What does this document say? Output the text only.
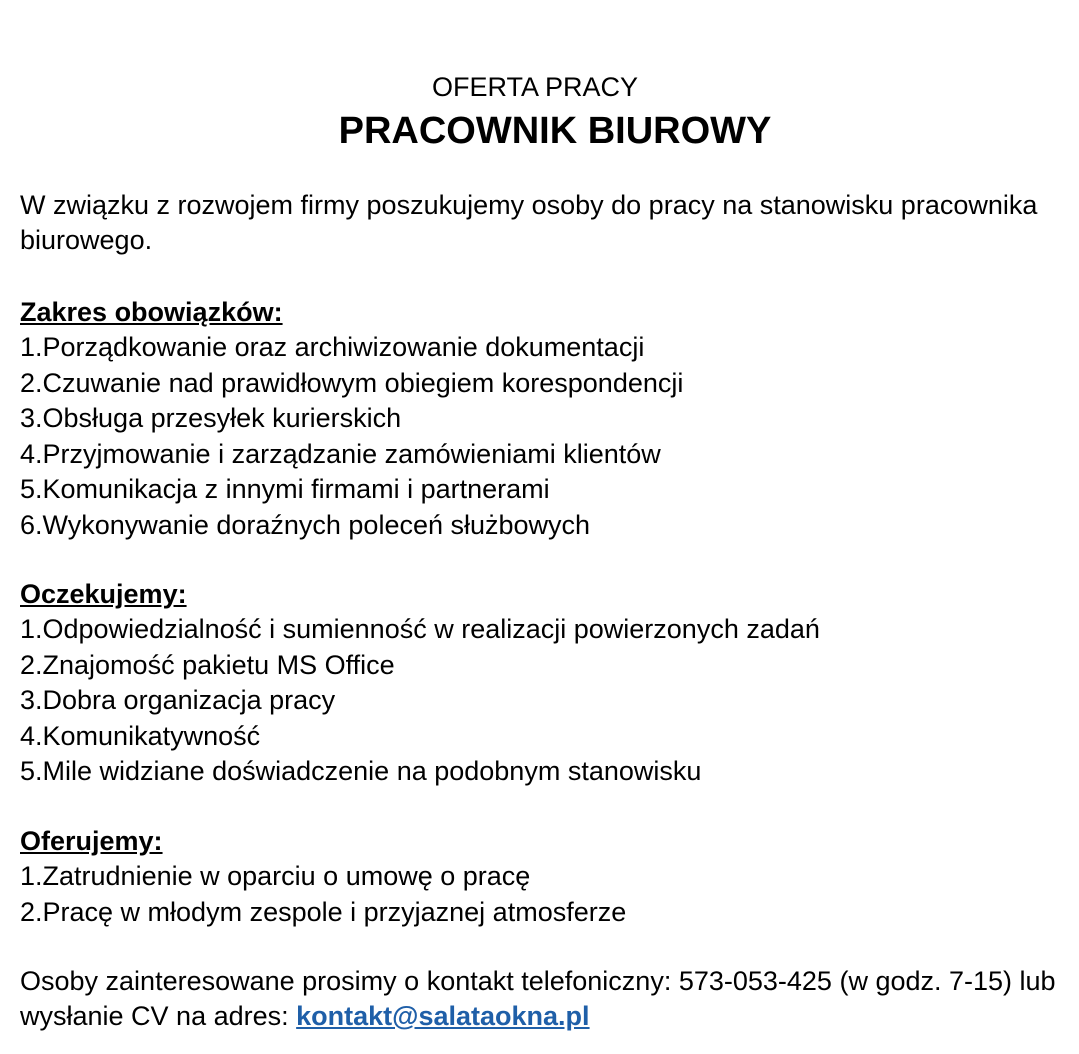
OFERTA PRACY
PRACOWNIK BIUROWY

W związku z rozwojem firmy poszukujemy osoby do pracy na stanowisku pracownika biurowego.

Zakres obowiązków:

1.Porządkowanie oraz archiwizowanie dokumentacji
2.Czuwanie nad prawidłowym obiegiem korespondencji
3.Obsługa przesyłek kurierskich
4.Przyjmowanie i zarządzanie zamówieniami klientów
5.Komunikacja z innymi firmami i partnerami
6.Wykonywanie doraźnych poleceń służbowych

Oczekujemy:

1.Odpowiedzialność i sumienność w realizacji powierzonych zadań
2.Znajomość pakietu MS Office
3.Dobra organizacja pracy
4.Komunikatywność
5.Mile widziane doświadczenie na podobnym stanowisku

Oferujemy:

1.Zatrudnienie w oparciu o umowę o pracę
2.Pracę w młodym zespole i przyjaznej atmosferze

Osoby zainteresowane prosimy o kontakt telefoniczny: 573-053-425 (w godz. 7-15) lub wysłanie CV na adres: kontakt@salataokna.pl
